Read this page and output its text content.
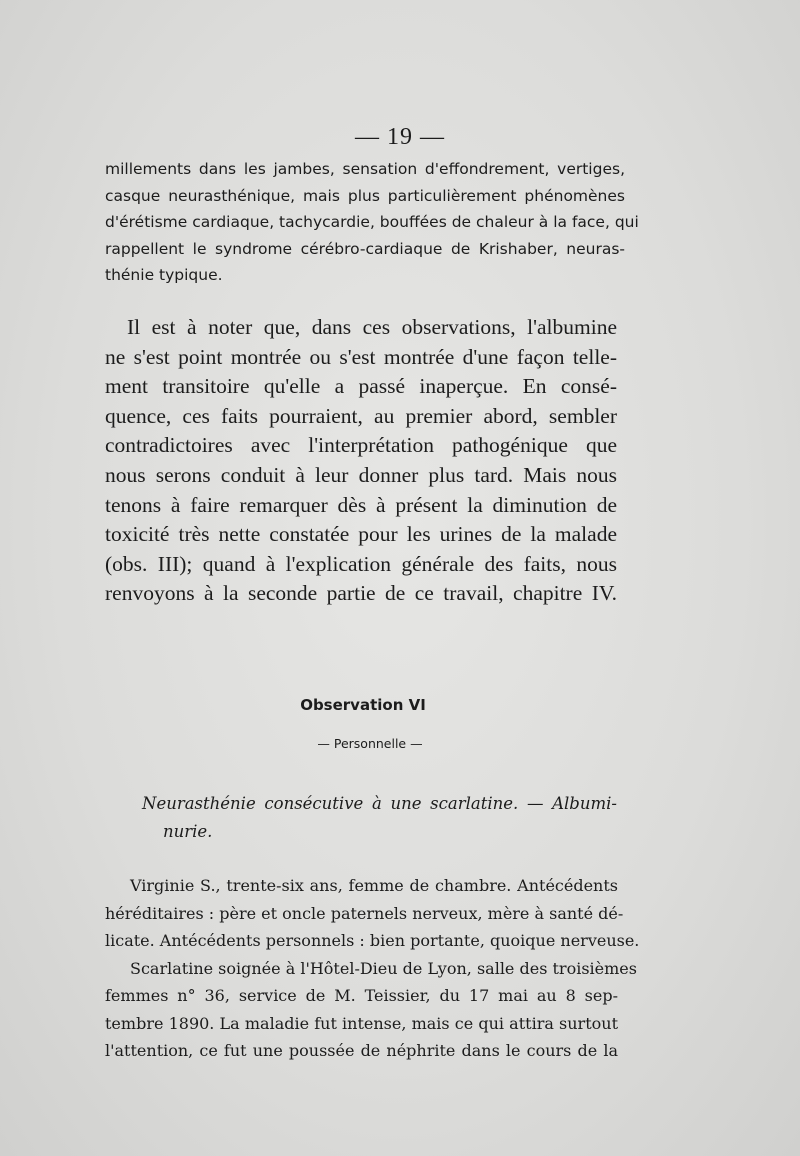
— 19 —

millements dans les jambes, sensation d'effondrement, vertiges,
casque neurasthénique, mais plus particulièrement phénomènes
d'érétisme cardiaque, tachycardie, bouffées de chaleur à la face, qui
rappellent le syndrome cérébro-cardiaque de Krishaber, neuras-
thénie typique.

Il est à noter que, dans ces observations, l'albumine
ne s'est point montrée ou s'est montrée d'une façon telle-
ment transitoire qu'elle a passé inaperçue. En consé-
quence, ces faits pourraient, au premier abord, sembler
contradictoires avec l'interprétation pathogénique que
nous serons conduit à leur donner plus tard. Mais nous
tenons à faire remarquer dès à présent la diminution de
toxicité très nette constatée pour les urines de la malade
(obs. III); quand à l'explication générale des faits, nous
renvoyons à la seconde partie de ce travail, chapitre IV.

Observation VI
— Personnelle —

Neurasthénie consécutive à une scarlatine. — Albumi-
nurie.

Virginie S., trente-six ans, femme de chambre. Antécédents
héréditaires : père et oncle paternels nerveux, mère à santé dé-
licate. Antécédents personnels : bien portante, quoique nerveuse.
Scarlatine soignée à l'Hôtel-Dieu de Lyon, salle des troisièmes
femmes n° 36, service de M. Teissier, du 17 mai au 8 sep-
tembre 1890. La maladie fut intense, mais ce qui attira surtout
l'attention, ce fut une poussée de néphrite dans le cours de la
